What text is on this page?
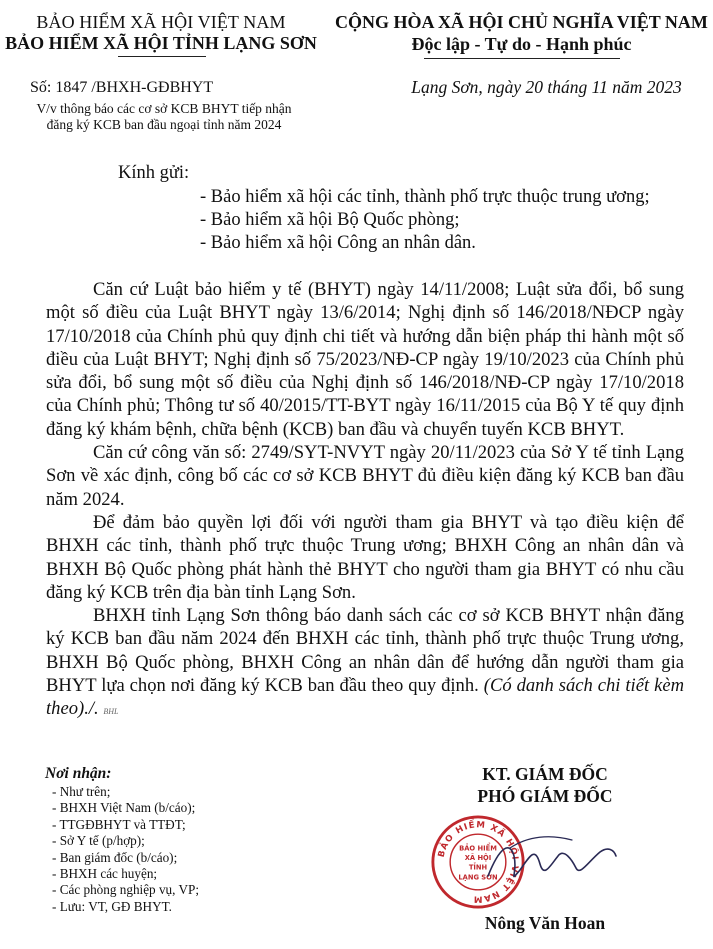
BẢO HIỂM XÃ HỘI VIỆT NAM
BẢO HIỂM XÃ HỘI TỈNH LẠNG SƠN
CỘNG HÒA XÃ HỘI CHỦ NGHĨA VIỆT NAM
Độc lập - Tự do - Hạnh phúc
Số: 1847 /BHXH-GĐBHYT
V/v thông báo các cơ sở KCB BHYT tiếp nhận
đăng ký KCB ban đầu ngoại tỉnh năm 2024
Lạng Sơn, ngày 20 tháng 11 năm 2023
Kính gửi:
- Bảo hiểm xã hội các tỉnh, thành phố trực thuộc trung ương;
- Bảo hiểm xã hội Bộ Quốc phòng;
- Bảo hiểm xã hội Công an nhân dân.

Căn cứ Luật bảo hiểm y tế (BHYT) ngày 14/11/2008; Luật sửa đổi, bổ sung một số điều của Luật BHYT ngày 13/6/2014; Nghị định số 146/2018/NĐCP ngày 17/10/2018 của Chính phủ quy định chi tiết và hướng dẫn biện pháp thi hành một số điều của Luật BHYT; Nghị định số 75/2023/NĐ-CP ngày 19/10/2023 của Chính phủ sửa đổi, bổ sung một số điều của Nghị định số 146/2018/NĐ-CP ngày 17/10/2018 của Chính phủ; Thông tư số 40/2015/TT-BYT ngày 16/11/2015 của Bộ Y tế quy định đăng ký khám bệnh, chữa bệnh (KCB) ban đầu và chuyển tuyến KCB BHYT.

Căn cứ công văn số: 2749/SYT-NVYT ngày 20/11/2023 của Sở Y tế tỉnh Lạng Sơn về xác định, công bố các cơ sở KCB BHYT đủ điều kiện đăng ký KCB ban đầu năm 2024.

Để đảm bảo quyền lợi đối với người tham gia BHYT và tạo điều kiện để BHXH các tỉnh, thành phố trực thuộc Trung ương; BHXH Công an nhân dân và BHXH Bộ Quốc phòng phát hành thẻ BHYT cho người tham gia BHYT có nhu cầu đăng ký KCB trên địa bàn tỉnh Lạng Sơn.

BHXH tỉnh Lạng Sơn thông báo danh sách các cơ sở KCB BHYT nhận đăng ký KCB ban đầu năm 2024 đến BHXH các tỉnh, thành phố trực thuộc Trung ương, BHXH Bộ Quốc phòng, BHXH Công an nhân dân để hướng dẫn người tham gia BHYT lựa chọn nơi đăng ký KCB ban đầu theo quy định. (Có danh sách chi tiết kèm theo)./. BHL

Nơi nhận:
- Như trên;
- BHXH Việt Nam (b/cáo);
- TTGĐBHYT và TTĐT;
- Sở Y tế (p/hợp);
- Ban giám đốc (b/cáo);
- BHXH các huyện;
- Các phòng nghiệp vụ, VP;
- Lưu: VT, GĐ BHYT.
KT. GIÁM ĐỐC
PHÓ GIÁM ĐỐC
BẢO HIỂM XÃ HỘI VIỆT NAM
BẢO HIỂM
XÃ HỘI
TỈNH
LẠNG SƠN
Nông Văn Hoan
